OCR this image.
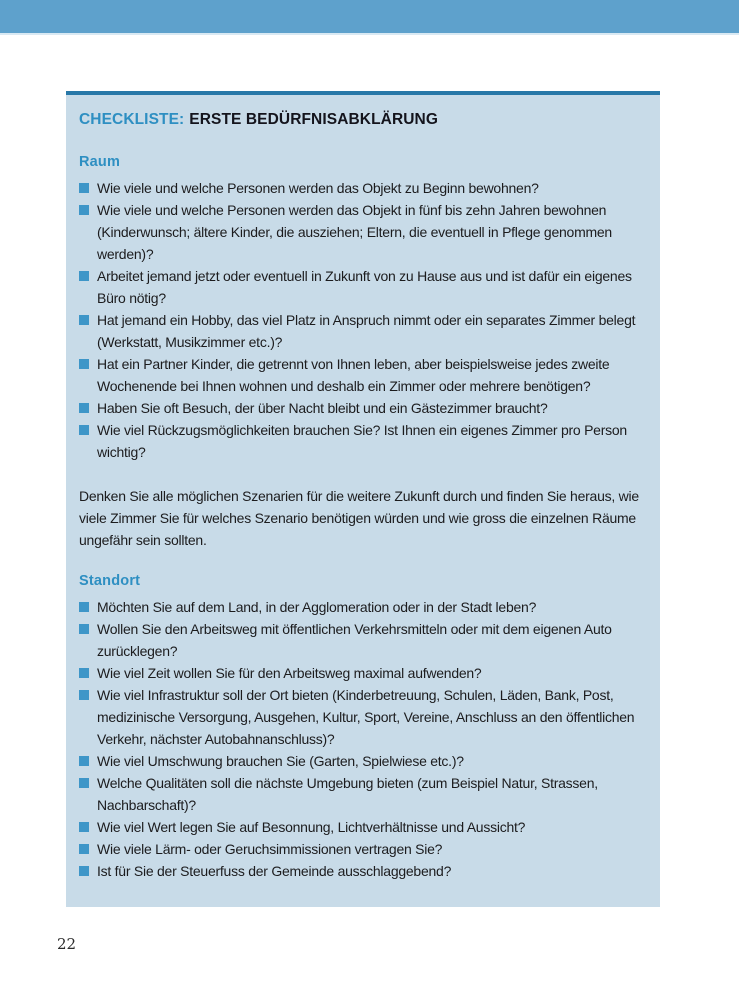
CHECKLISTE: ERSTE BEDÜRFNISABKLÄRUNG
Raum
Wie viele und welche Personen werden das Objekt zu Beginn bewohnen?
Wie viele und welche Personen werden das Objekt in fünf bis zehn Jahren bewohnen (Kinderwunsch; ältere Kinder, die ausziehen; Eltern, die eventuell in Pflege genommen werden)?
Arbeitet jemand jetzt oder eventuell in Zukunft von zu Hause aus und ist dafür ein eigenes Büro nötig?
Hat jemand ein Hobby, das viel Platz in Anspruch nimmt oder ein separates Zimmer belegt (Werkstatt, Musikzimmer etc.)?
Hat ein Partner Kinder, die getrennt von Ihnen leben, aber beispielsweise jedes zweite Wochenende bei Ihnen wohnen und deshalb ein Zimmer oder mehrere benötigen?
Haben Sie oft Besuch, der über Nacht bleibt und ein Gästezimmer braucht?
Wie viel Rückzugsmöglichkeiten brauchen Sie? Ist Ihnen ein eigenes Zimmer pro Person wichtig?

Denken Sie alle möglichen Szenarien für die weitere Zukunft durch und finden Sie heraus, wie viele Zimmer Sie für welches Szenario benötigen würden und wie gross die einzelnen Räume ungefähr sein sollten.

Standort
Möchten Sie auf dem Land, in der Agglomeration oder in der Stadt leben?
Wollen Sie den Arbeitsweg mit öffentlichen Verkehrsmitteln oder mit dem eigenen Auto zurücklegen?
Wie viel Zeit wollen Sie für den Arbeitsweg maximal aufwenden?
Wie viel Infrastruktur soll der Ort bieten (Kinderbetreuung, Schulen, Läden, Bank, Post, medizinische Versorgung, Ausgehen, Kultur, Sport, Vereine, Anschluss an den öffentlichen Verkehr, nächster Autobahnanschluss)?
Wie viel Umschwung brauchen Sie (Garten, Spielwiese etc.)?
Welche Qualitäten soll die nächste Umgebung bieten (zum Beispiel Natur, Strassen, Nachbarschaft)?
Wie viel Wert legen Sie auf Besonnung, Lichtverhältnisse und Aussicht?
Wie viele Lärm- oder Geruchsimmissionen vertragen Sie?
Ist für Sie der Steuerfuss der Gemeinde ausschlaggebend?
22
